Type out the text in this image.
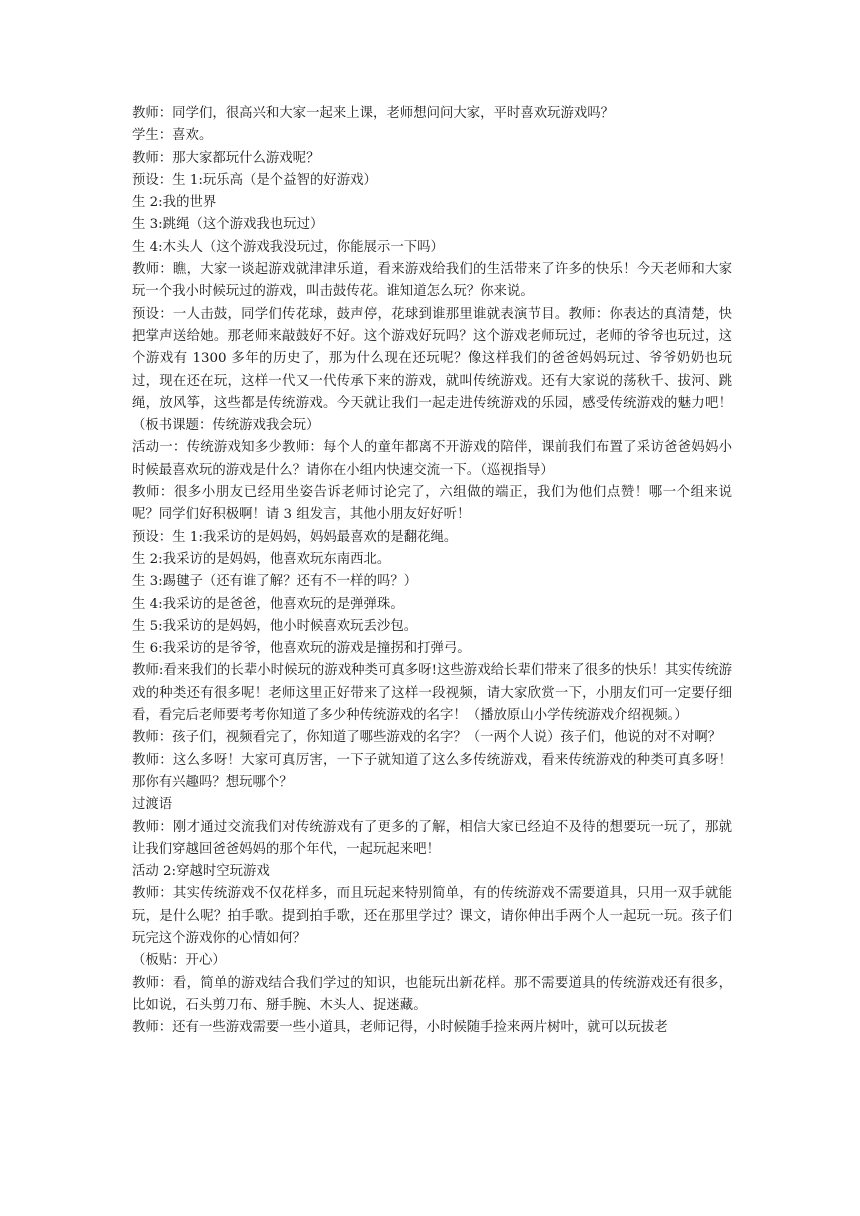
教师：同学们，很高兴和大家一起来上课，老师想问问大家，平时喜欢玩游戏吗？

学生：喜欢。

教师：那大家都玩什么游戏呢？

预设：生 1:玩乐高（是个益智的好游戏）

生 2:我的世界

生 3:跳绳（这个游戏我也玩过）

生 4:木头人（这个游戏我没玩过，你能展示一下吗）

教师：瞧，大家一谈起游戏就津津乐道，看来游戏给我们的生活带来了许多的快乐！今天老师和大家玩一个我小时候玩过的游戏，叫击鼓传花。谁知道怎么玩？你来说。

预设：一人击鼓，同学们传花球，鼓声停，花球到谁那里谁就表演节目。教师：你表达的真清楚，快把掌声送给她。那老师来敲鼓好不好。这个游戏好玩吗？这个游戏老师玩过，老师的爷爷也玩过，这个游戏有 1300 多年的历史了，那为什么现在还玩呢？像这样我们的爸爸妈妈玩过、爷爷奶奶也玩过，现在还在玩，这样一代又一代传承下来的游戏，就叫传统游戏。还有大家说的荡秋千、拔河、跳绳，放风筝，这些都是传统游戏。今天就让我们一起走进传统游戏的乐园，感受传统游戏的魅力吧！（板书课题：传统游戏我会玩）

活动一：传统游戏知多少教师：每个人的童年都离不开游戏的陪伴，课前我们布置了采访爸爸妈妈小时候最喜欢玩的游戏是什么？请你在小组内快速交流一下。（巡视指导）

教师：很多小朋友已经用坐姿告诉老师讨论完了，六组做的端正，我们为他们点赞！哪一个组来说呢？同学们好积极啊！请 3 组发言，其他小朋友好好听！

预设：生 1:我采访的是妈妈，妈妈最喜欢的是翻花绳。

生 2:我采访的是妈妈，他喜欢玩东南西北。

生 3:踢毽子（还有谁了解？还有不一样的吗？）

生 4:我采访的是爸爸，他喜欢玩的是弹弹珠。

生 5:我采访的是妈妈，他小时候喜欢玩丢沙包。

生 6:我采访的是爷爷，他喜欢玩的游戏是撞拐和打弹弓。

教师:看来我们的长辈小时候玩的游戏种类可真多呀!这些游戏给长辈们带来了很多的快乐！其实传统游戏的种类还有很多呢！老师这里正好带来了这样一段视频，请大家欣赏一下，小朋友们可一定要仔细看，看完后老师要考考你知道了多少种传统游戏的名字！（播放原山小学传统游戏介绍视频。）

教师：孩子们，视频看完了，你知道了哪些游戏的名字？（一两个人说）孩子们，他说的对不对啊？

教师：这么多呀！大家可真厉害，一下子就知道了这么多传统游戏，看来传统游戏的种类可真多呀！那你有兴趣吗？想玩哪个？

过渡语

教师：刚才通过交流我们对传统游戏有了更多的了解，相信大家已经迫不及待的想要玩一玩了，那就让我们穿越回爸爸妈妈的那个年代，一起玩起来吧！

活动 2:穿越时空玩游戏

教师：其实传统游戏不仅花样多，而且玩起来特别简单，有的传统游戏不需要道具，只用一双手就能玩，是什么呢？拍手歌。提到拍手歌，还在那里学过？课文，请你伸出手两个人一起玩一玩。孩子们玩完这个游戏你的心情如何？

（板贴：开心）

教师：看，简单的游戏结合我们学过的知识，也能玩出新花样。那不需要道具的传统游戏还有很多，比如说，石头剪刀布、掰手腕、木头人、捉迷藏。

教师：还有一些游戏需要一些小道具，老师记得，小时候随手捡来两片树叶，就可以玩拔老
